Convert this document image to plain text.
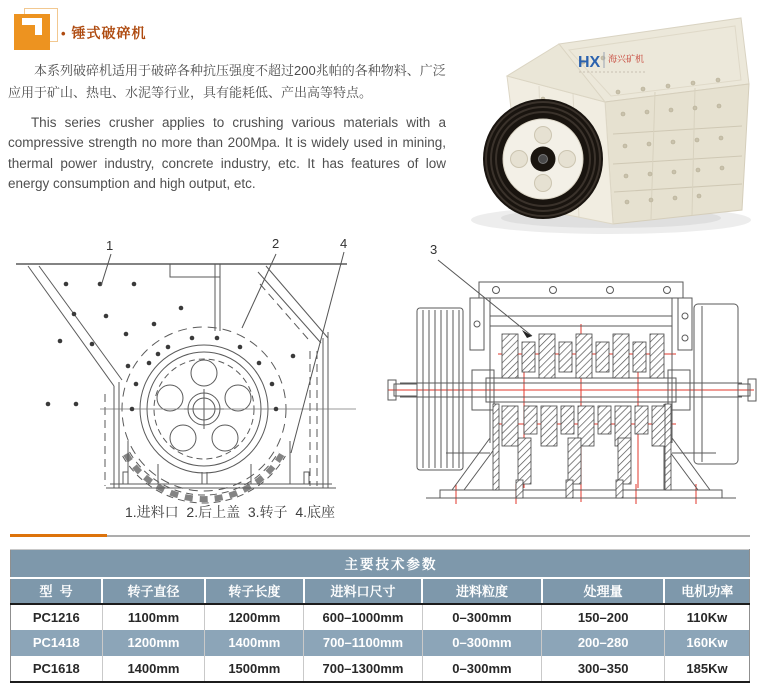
• 锤式破碎机

本系列破碎机适用于破碎各种抗压强度不超过200兆帕的各种物料、广泛应用于矿山、热电、水泥等行业，具有能耗低、产出高等特点。

This series crusher applies to crushing various materials with a compressive strength no more than 200Mpa. It is widely used in mining, thermal power industry, concrete industry, etc. It has features of low energy consumption and high output, etc.

HX 海兴矿机
1	2	4	3
1.进料口  2.后上盖  3.转子  4.底座
主要技术参数						
型  号	转子直径	转子长度	进料口尺寸	进料粒度	处理量	电机功率
PC1216	1100mm	1200mm	600–1000mm	0–300mm	150–200	110Kw
PC1418	1200mm	1400mm	700–1100mm	0–300mm	200–280	160Kw
PC1618	1400mm	1500mm	700–1300mm	0–300mm	300–350	185Kw
